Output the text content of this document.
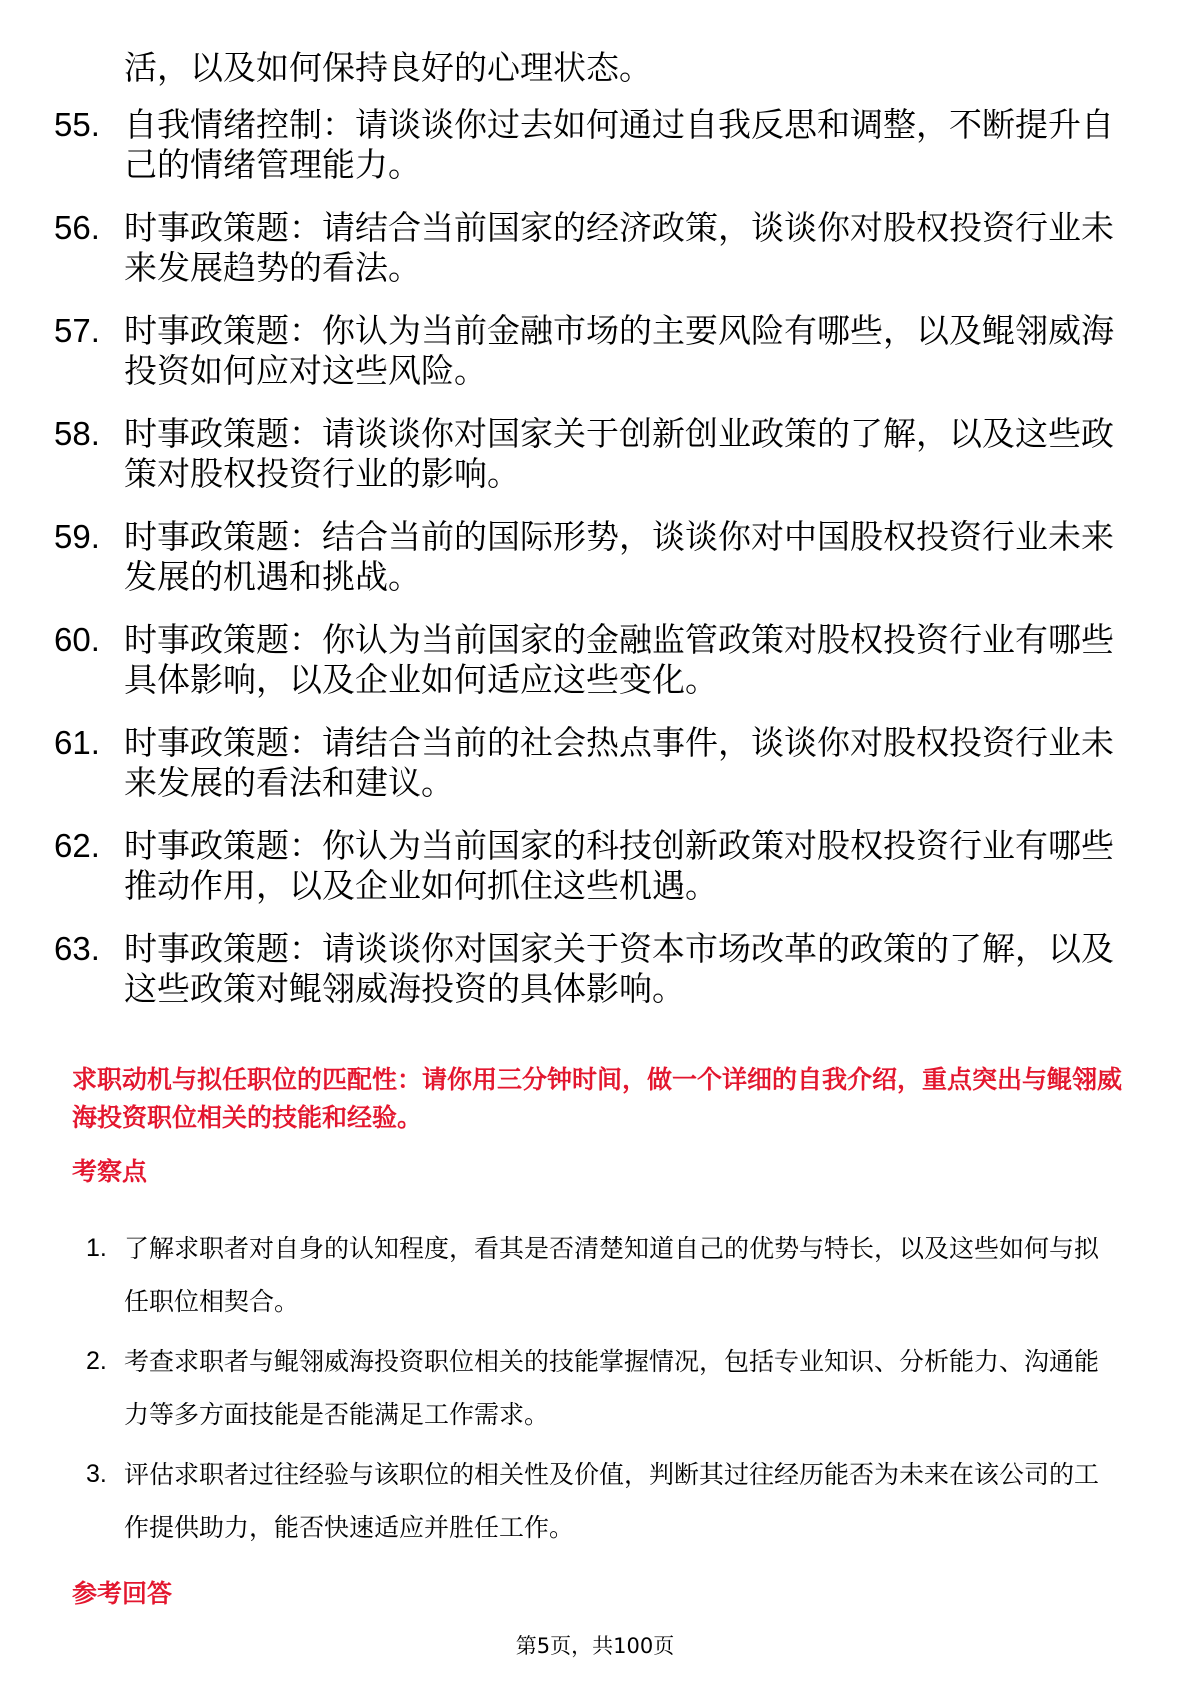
活，以及如何保持良好的心理状态。
55. 自我情绪控制：请谈谈你过去如何通过自我反思和调整，不断提升自己的情绪管理能力。
56. 时事政策题：请结合当前国家的经济政策，谈谈你对股权投资行业未来发展趋势的看法。
57. 时事政策题：你认为当前金融市场的主要风险有哪些，以及鲲翎威海投资如何应对这些风险。
58. 时事政策题：请谈谈你对国家关于创新创业政策的了解，以及这些政策对股权投资行业的影响。
59. 时事政策题：结合当前的国际形势，谈谈你对中国股权投资行业未来发展的机遇和挑战。
60. 时事政策题：你认为当前国家的金融监管政策对股权投资行业有哪些具体影响，以及企业如何适应这些变化。
61. 时事政策题：请结合当前的社会热点事件，谈谈你对股权投资行业未来发展的看法和建议。
62. 时事政策题：你认为当前国家的科技创新政策对股权投资行业有哪些推动作用，以及企业如何抓住这些机遇。
63. 时事政策题：请谈谈你对国家关于资本市场改革的政策的了解，以及这些政策对鲲翎威海投资的具体影响。
求职动机与拟任职位的匹配性：请你用三分钟时间，做一个详细的自我介绍，重点突出与鲲翎威海投资职位相关的技能和经验。
考察点
1. 了解求职者对自身的认知程度，看其是否清楚知道自己的优势与特长，以及这些如何与拟任职位相契合。
2. 考查求职者与鲲翎威海投资职位相关的技能掌握情况，包括专业知识、分析能力、沟通能力等多方面技能是否能满足工作需求。
3. 评估求职者过往经验与该职位的相关性及价值，判断其过往经历能否为未来在该公司的工作提供助力，能否快速适应并胜任工作。
参考回答
第5页，共100页
